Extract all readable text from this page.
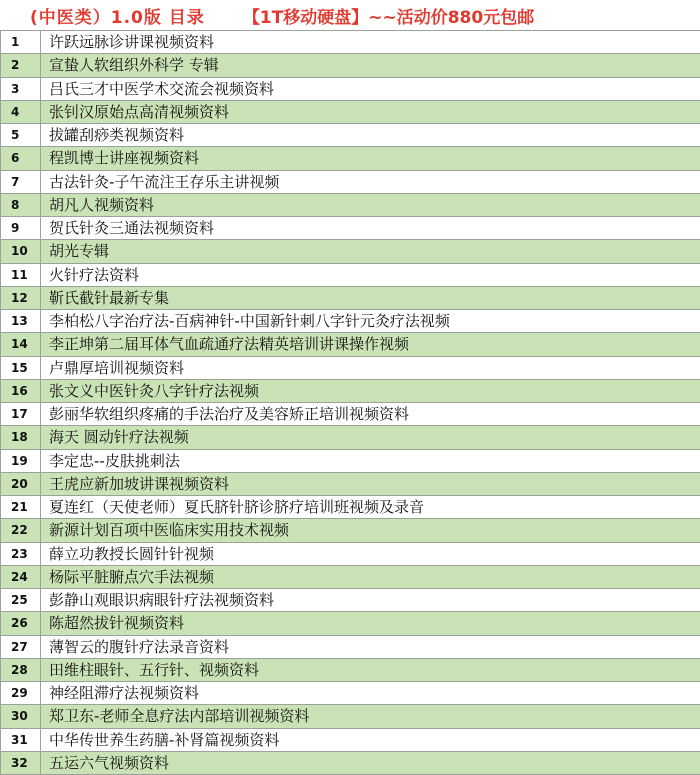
(中医类）1.0版 目录 【1T移动硬盘】~~活动价880元包邮
1	许跃远脉诊讲课视频资料
2	宣蛰人软组织外科学 专辑
3	吕氏三才中医学术交流会视频资料
4	张钊汉原始点高清视频资料
5	拔罐刮痧类视频资料
6	程凯博士讲座视频资料
7	古法针灸-子午流注王存乐主讲视频
8	胡凡人视频资料
9	贺氏针灸三通法视频资料
10	胡光专辑
11	火针疗法资料
12	靳氏截针最新专集
13	李柏松八字治疗法-百病神针-中国新针刺八字针元灸疗法视频
14	李正坤第二届耳体气血疏通疗法精英培训讲课操作视频
15	卢鼎厚培训视频资料
16	张文义中医针灸八字针疗法视频
17	彭丽华软组织疼痛的手法治疗及美容矫正培训视频资料
18	海天 圆动针疗法视频
19	李定忠--皮肤挑刺法
20	王虎应新加坡讲课视频资料
21	夏连红（天使老师）夏氏脐针脐诊脐疗培训班视频及录音
22	新源计划百项中医临床实用技术视频
23	薛立功教授长圆针针视频
24	杨际平脏腑点穴手法视频
25	彭静山观眼识病眼针疗法视频资料
26	陈超然拔针视频资料
27	薄智云的腹针疗法录音资料
28	田维柱眼针、五行针、视频资料
29	神经阻滞疗法视频资料
30	郑卫东-老师全息疗法内部培训视频资料
31	中华传世养生药膳-补肾篇视频资料
32	五运六气视频资料
